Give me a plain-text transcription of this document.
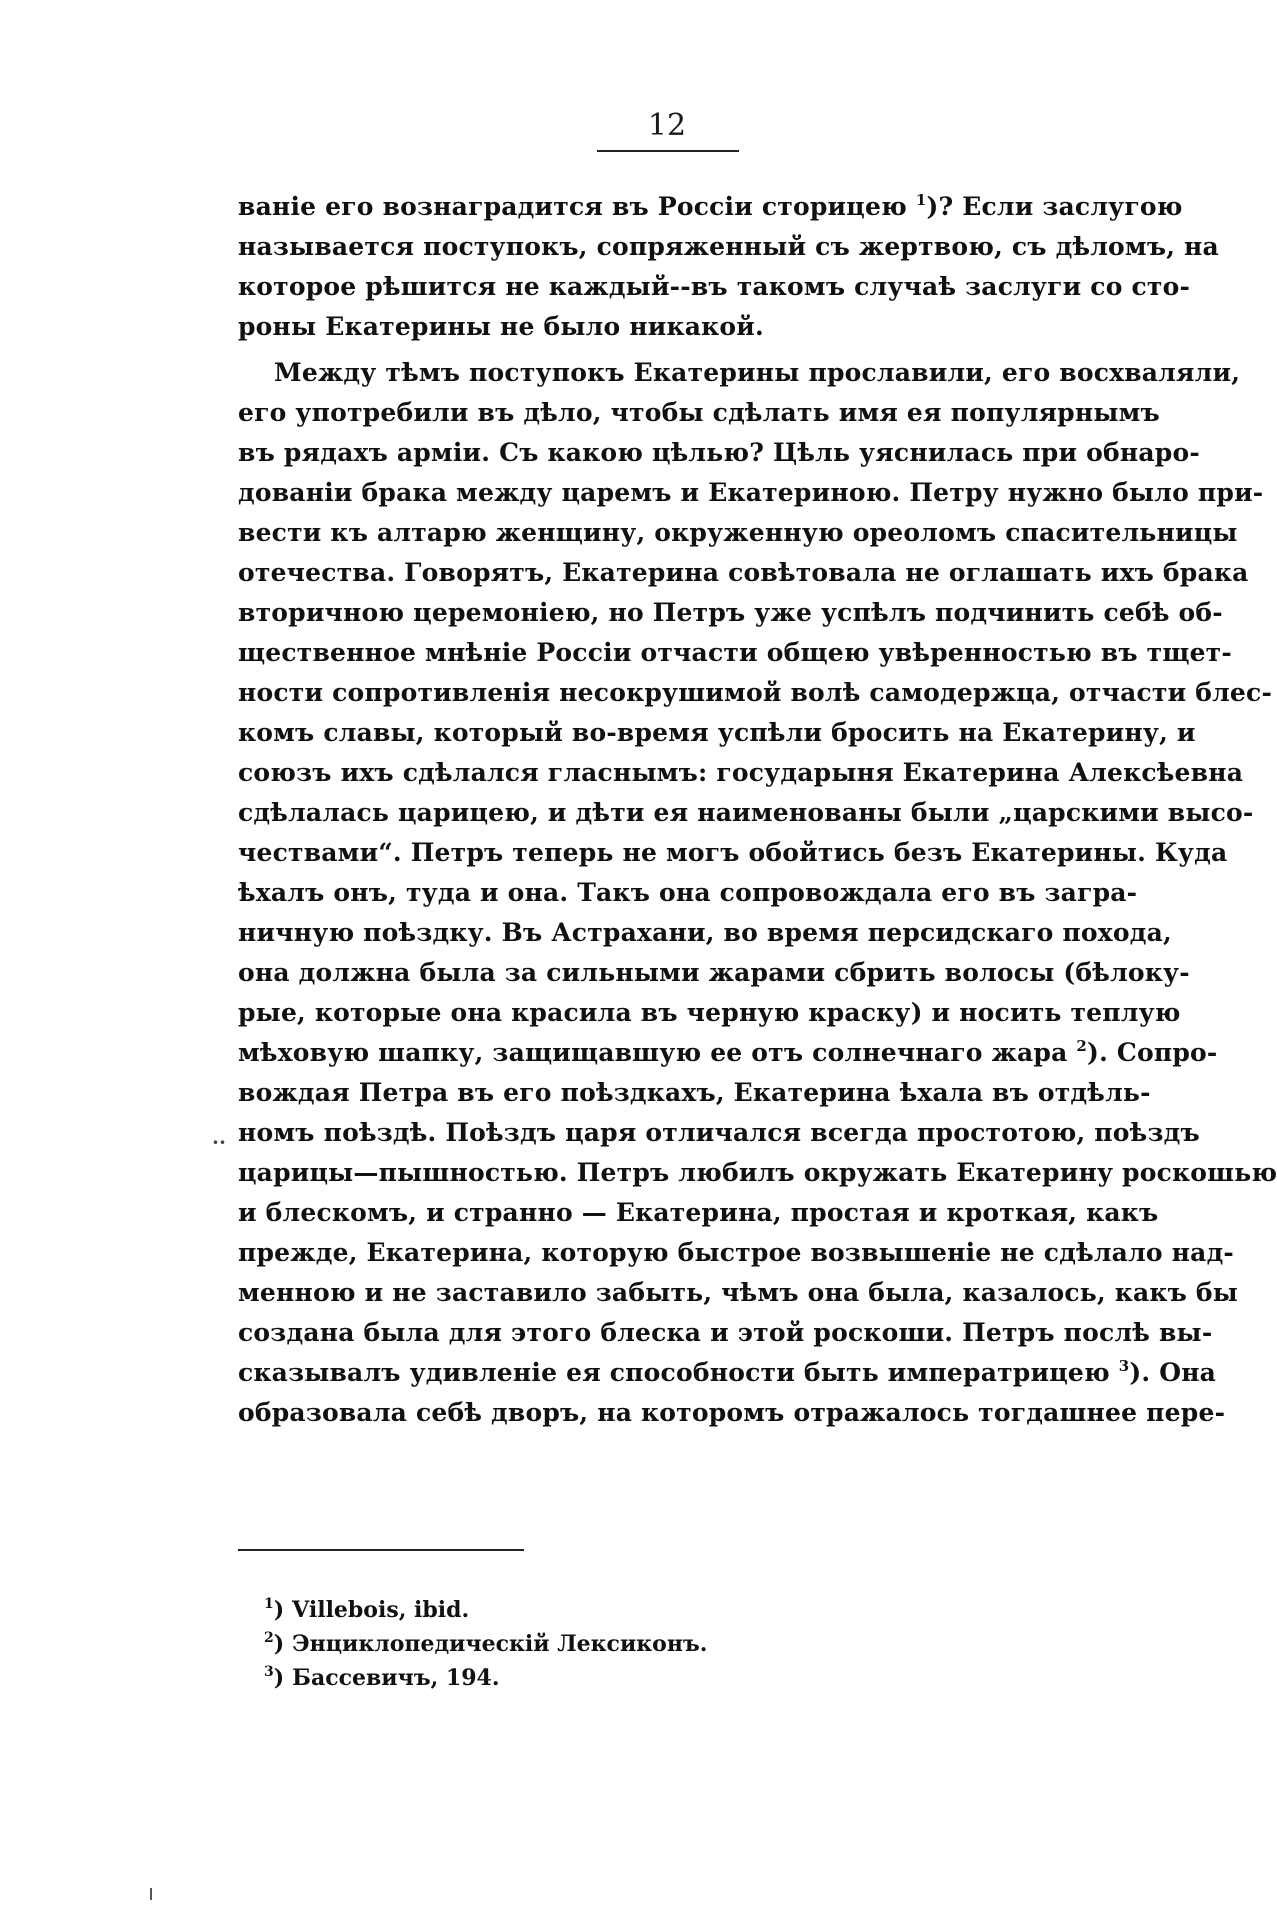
12
ваніе его вознаградится въ Россіи сторицею $^1$)? Если заслугою
называется поступокъ, сопряженный съ жертвою, съ дѣломъ, на
которое рѣшится не каждый--въ такомъ случаѣ заслуги со сто-
роны Екатерины не было никакой.
Между тѣмъ поступокъ Екатерины прославили, его восхваляли,
его употребили въ дѣло, чтобы сдѣлать имя ея популярнымъ
въ рядахъ арміи. Съ какою цѣлью? Цѣль уяснилась при обнаро-
дованіи брака между царемъ и Екатериною. Петру нужно было при-
вести къ алтарю женщину, окруженную ореоломъ спасительницы
отечества. Говорятъ, Екатерина совѣтовала не оглашать ихъ брака
вторичною церемоніею, но Петръ уже успѣлъ подчинить себѣ об-
щественное мнѣніе Россіи отчасти общею увѣренностью въ тщет-
ности сопротивленія несокрушимой волѣ самодержца, отчасти блес-
комъ славы, который во-время успѣли бросить на Екатерину, и
союзъ ихъ сдѣлался гласнымъ: государыня Екатерина Алексѣевна
сдѣлалась царицею, и дѣти ея наименованы были „царскими высо-
чествами“. Петръ теперь не могъ обойтись безъ Екатерины. Куда
ѣхалъ онъ, туда и она. Такъ она сопровождала его въ загра-
ничную поѣздку. Въ Астрахани, во время персидскаго похода,
она должна была за сильными жарами сбрить волосы (бѣлоку-
рые, которые она красила въ черную краску) и носить теплую
мѣховую шапку, защищавшую ее отъ солнечнаго жара $^2$). Сопро-
вождая Петра въ его поѣздкахъ, Екатерина ѣхала въ отдѣль-
номъ поѣздѣ. Поѣздъ царя отличался всегда простотою, поѣздъ
царицы—пышностью. Петръ любилъ окружать Екатерину роскошью
и блескомъ, и странно — Екатерина, простая и кроткая, какъ
прежде, Екатерина, которую быстрое возвышеніе не сдѣлало над-
менною и не заставило забыть, чѣмъ она была, казалось, какъ бы
создана была для этого блеска и этой роскоши. Петръ послѣ вы-
сказывалъ удивленіе ея способности быть императрицею $^3$). Она
образовала себѣ дворъ, на которомъ отражалось тогдашнее пере-
··
$^1$) Villebois, ibid.
$^2$) Энциклопедическій Лексиконъ.
$^3$) Бассевичъ, 194.
